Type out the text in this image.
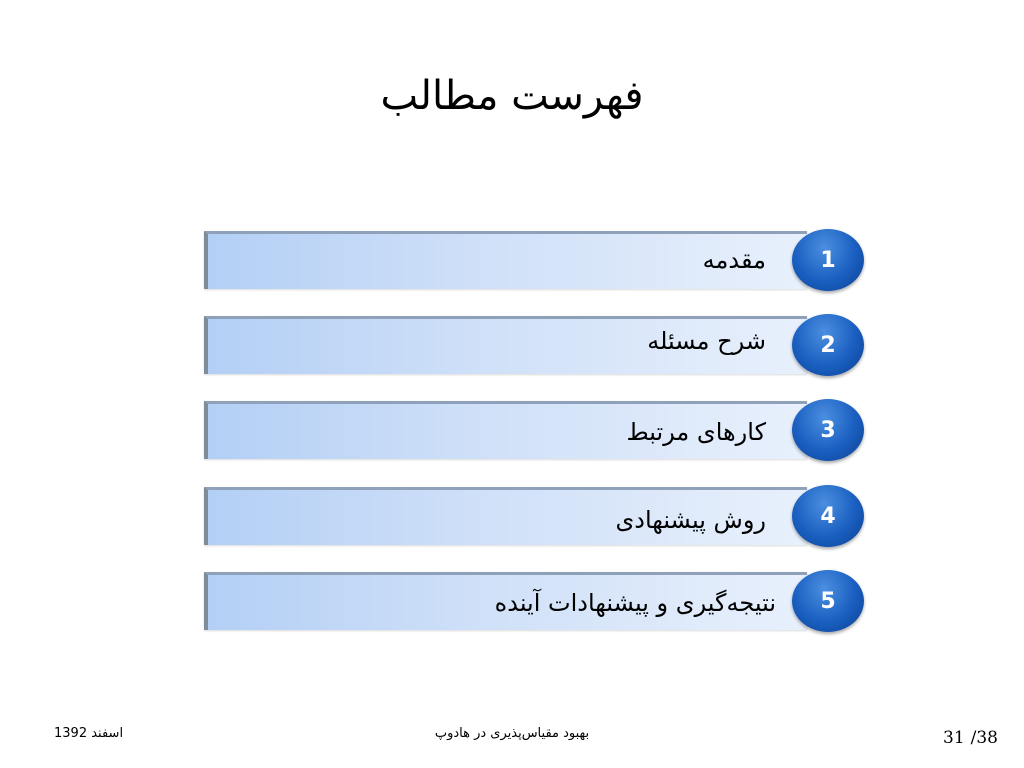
فهرست مطالب
مقدمه	1
شرح مسئله	2
کارهای مرتبط	3
روش پیشنهادی	4
نتیجه‌گیری و پیشنهادات آینده	5
اسفند 1392	بهبود مقیاس‌پذیری در هادوپ	31 /38
